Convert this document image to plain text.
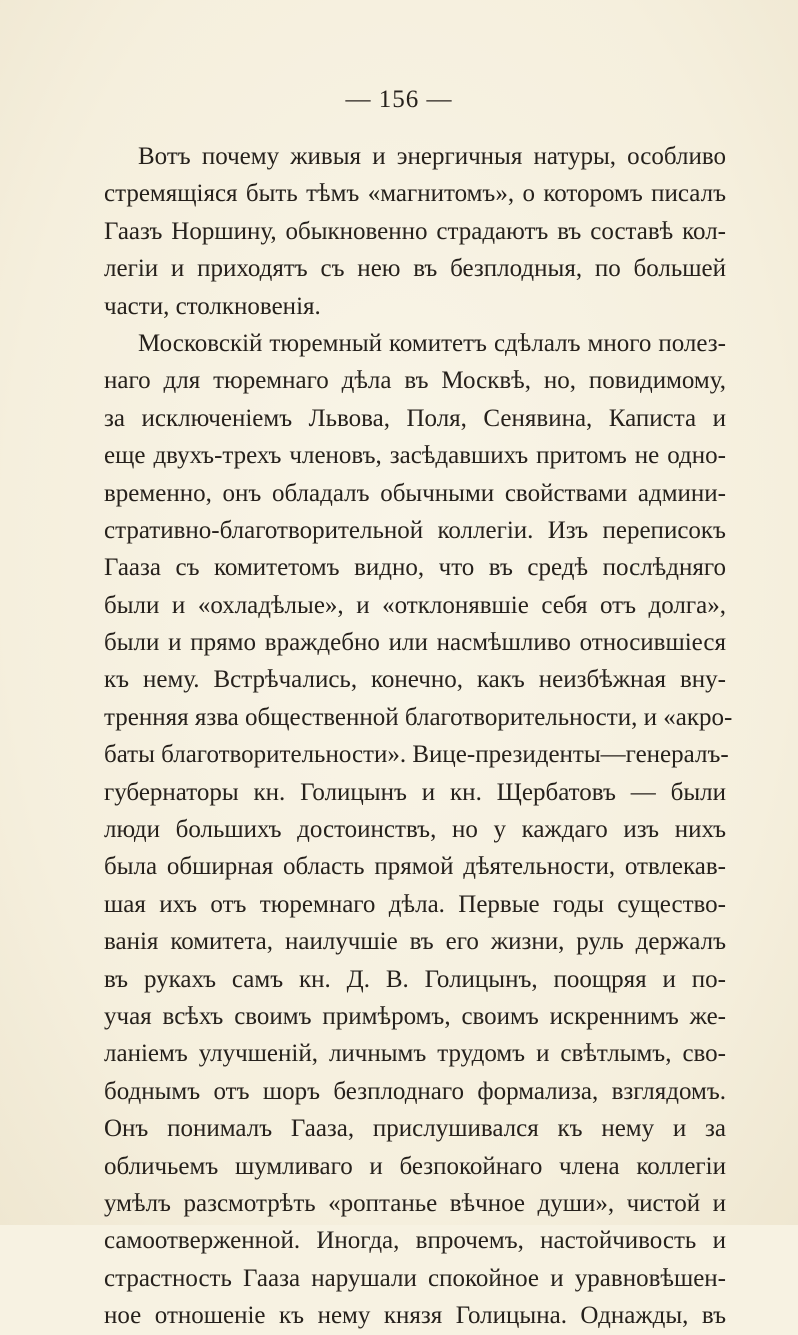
— 156 —
Вотъ почему живыя и энергичныя натуры, особливо
стремящіяся быть тѣмъ «магнитомъ», о которомъ писалъ
Гаазъ Норшину, обыкновенно страдаютъ въ составѣ кол-
легіи и приходятъ съ нею въ безплодныя, по большей
части, столкновенія.
Московскій тюремный комитетъ сдѣлалъ много полез-
наго для тюремнаго дѣла въ Москвѣ, но, повидимому,
за исключеніемъ Львова, Поля, Сенявина, Каписта и
еще двухъ-трехъ членовъ, засѣдавшихъ притомъ не одно-
временно, онъ обладалъ обычными свойствами админи-
стративно-благотворительной коллегіи. Изъ переписокъ
Гааза съ комитетомъ видно, что въ средѣ послѣдняго
были и «охладѣлые», и «отклонявшіе себя отъ долга»,
были и прямо враждебно или насмѣшливо относившіеся
къ нему. Встрѣчались, конечно, какъ неизбѣжная вну-
тренняя язва общественной благотворительности, и «акро-
баты благотворительности». Вице-президенты—генералъ-
губернаторы кн. Голицынъ и кн. Щербатовъ — были
люди большихъ достоинствъ, но у каждаго изъ нихъ
была обширная область прямой дѣятельности, отвлекав-
шая ихъ отъ тюремнаго дѣла. Первые годы существо-
ванія комитета, наилучшіе въ его жизни, руль держалъ
въ рукахъ самъ кн. Д. В. Голицынъ, поощряя и по-
учая всѣхъ своимъ примѣромъ, своимъ искреннимъ же-
ланіемъ улучшеній, личнымъ трудомъ и свѣтлымъ, сво-
боднымъ отъ шоръ безплоднаго формализа, взглядомъ.
Онъ понималъ Гааза, прислушивался къ нему и за
обличьемъ шумливаго и безпокойнаго члена коллегіи
умѣлъ разсмотрѣть «роптанье вѣчное души», чистой и
самоотверженной. Иногда, впрочемъ, настойчивость и
страстность Гааза нарушали спокойное и уравновѣшен-
ное отношеніе къ нему князя Голицына. Однажды, въ
